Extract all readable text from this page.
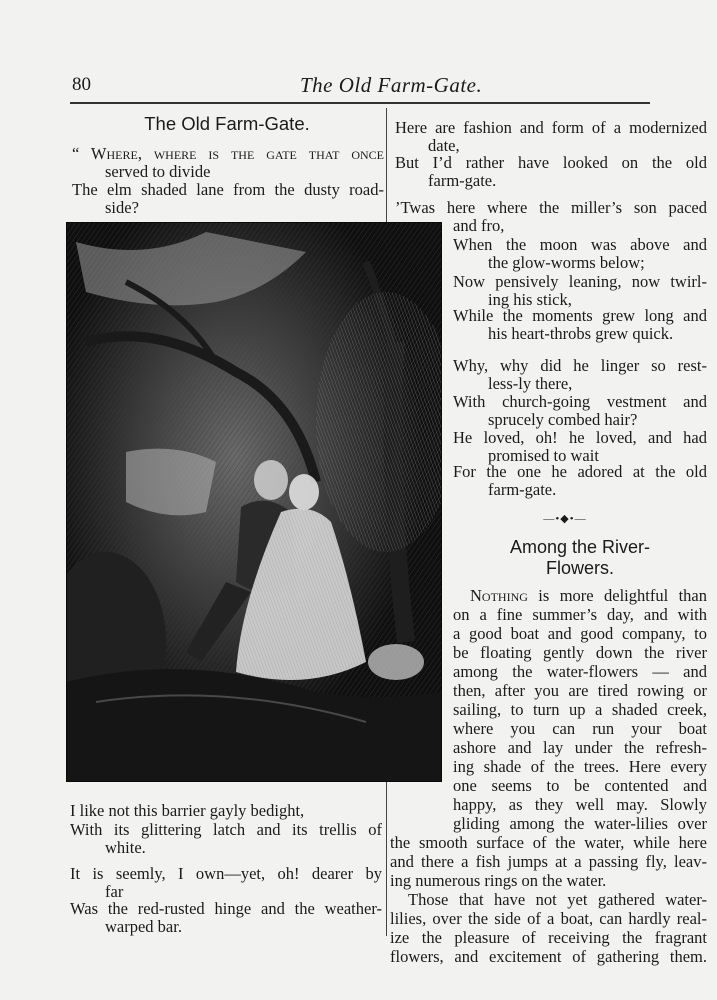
80	The Old Farm-Gate.
The Old Farm-Gate.
“ Where, where is the gate that once
served to divide
The elm shaded lane from the dusty road-
side?
I like not this barrier gayly bedight,
With its glittering latch and its trellis of
white.
It is seemly, I own—yet, oh! dearer by
far
Was the red-rusted hinge and the weather-
warped bar.
Here are fashion and form of a modernized
date,
But I’d rather have looked on the old
farm-gate.
’Twas here where the miller’s son paced
and fro,
When the moon was above and
the glow-worms below;
Now pensively leaning, now twirl-
ing his stick,
While the moments grew long and
his heart-throbs grew quick.
Why, why did he linger so rest-
less-ly there,
With church-going vestment and
sprucely combed hair?
He loved, oh! he loved, and had
promised to wait
For the one he adored at the old
farm-gate.
—•◆•—
Among the River-
Flowers.
Nothing is more delightful than
on a fine summer’s day, and with
a good boat and good company, to
be floating gently down the river
among the water-flowers — and
then, after you are tired rowing or
sailing, to turn up a shaded creek,
where you can run your boat
ashore and lay under the refresh-
ing shade of the trees. Here every
one seems to be contented and
happy, as they well may. Slowly
gliding among the water-lilies over
the smooth surface of the water, while here
and there a fish jumps at a passing fly, leav-
ing numerous rings on the water.
Those that have not yet gathered water-
lilies, over the side of a boat, can hardly real-
ize the pleasure of receiving the fragrant
flowers, and excitement of gathering them.
